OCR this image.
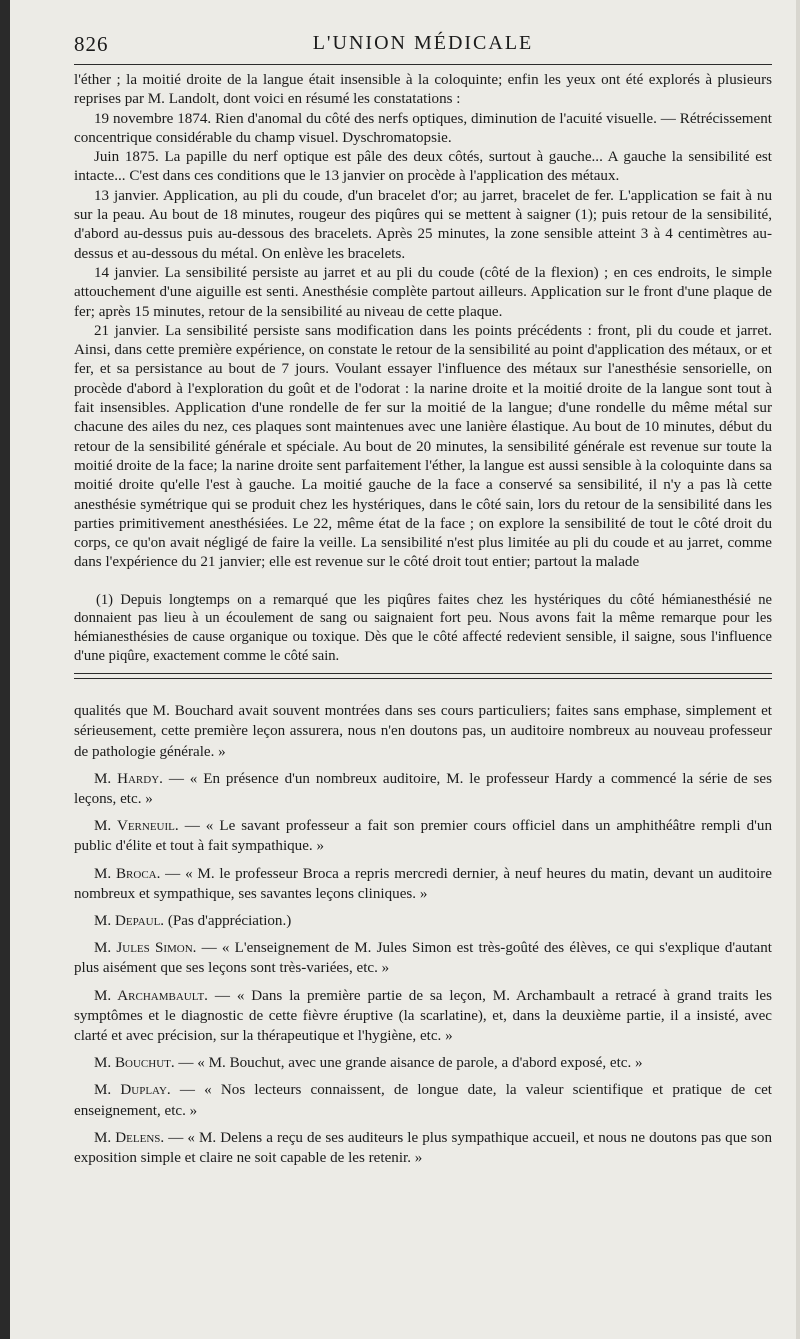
826	L'UNION MÉDICALE

l'éther ; la moitié droite de la langue était insensible à la coloquinte; enfin les yeux ont été explorés à plusieurs reprises par M. Landolt, dont voici en résumé les constatations :

19 novembre 1874. Rien d'anomal du côté des nerfs optiques, diminution de l'acuité visuelle. — Rétrécissement concentrique considérable du champ visuel. Dyschromatopsie.

Juin 1875. La papille du nerf optique est pâle des deux côtés, surtout à gauche... A gauche la sensibilité est intacte... C'est dans ces conditions que le 13 janvier on procède à l'application des métaux.

13 janvier. Application, au pli du coude, d'un bracelet d'or; au jarret, bracelet de fer. L'application se fait à nu sur la peau. Au bout de 18 minutes, rougeur des piqûres qui se mettent à saigner (1); puis retour de la sensibilité, d'abord au-dessus puis au-dessous des bracelets. Après 25 minutes, la zone sensible atteint 3 à 4 centimètres au-dessus et au-dessous du métal. On enlève les bracelets.

14 janvier. La sensibilité persiste au jarret et au pli du coude (côté de la flexion) ; en ces endroits, le simple attouchement d'une aiguille est senti. Anesthésie complète partout ailleurs. Application sur le front d'une plaque de fer; après 15 minutes, retour de la sensibilité au niveau de cette plaque.

21 janvier. La sensibilité persiste sans modification dans les points précédents : front, pli du coude et jarret. Ainsi, dans cette première expérience, on constate le retour de la sensibilité au point d'application des métaux, or et fer, et sa persistance au bout de 7 jours. Voulant essayer l'influence des métaux sur l'anesthésie sensorielle, on procède d'abord à l'exploration du goût et de l'odorat : la narine droite et la moitié droite de la langue sont tout à fait insensibles. Application d'une rondelle de fer sur la moitié de la langue; d'une rondelle du même métal sur chacune des ailes du nez, ces plaques sont maintenues avec une lanière élastique. Au bout de 10 minutes, début du retour de la sensibilité générale et spéciale. Au bout de 20 minutes, la sensibilité générale est revenue sur toute la moitié droite de la face; la narine droite sent parfaitement l'éther, la langue est aussi sensible à la coloquinte dans sa moitié droite qu'elle l'est à gauche. La moitié gauche de la face a conservé sa sensibilité, il n'y a pas là cette anesthésie symétrique qui se produit chez les hystériques, dans le côté sain, lors du retour de la sensibilité dans les parties primitivement anesthésiées. Le 22, même état de la face ; on explore la sensibilité de tout le côté droit du corps, ce qu'on avait négligé de faire la veille. La sensibilité n'est plus limitée au pli du coude et au jarret, comme dans l'expérience du 21 janvier; elle est revenue sur le côté droit tout entier; partout la malade

(1) Depuis longtemps on a remarqué que les piqûres faites chez les hystériques du côté hémianesthésié ne donnaient pas lieu à un écoulement de sang ou saignaient fort peu. Nous avons fait la même remarque pour les hémianesthésies de cause organique ou toxique. Dès que le côté affecté redevient sensible, il saigne, sous l'influence d'une piqûre, exactement comme le côté sain.

qualités que M. Bouchard avait souvent montrées dans ses cours particuliers; faites sans emphase, simplement et sérieusement, cette première leçon assurera, nous n'en doutons pas, un auditoire nombreux au nouveau professeur de pathologie générale. »

M. Hardy. — « En présence d'un nombreux auditoire, M. le professeur Hardy a commencé la série de ses leçons, etc. »

M. Verneuil. — « Le savant professeur a fait son premier cours officiel dans un amphithéâtre rempli d'un public d'élite et tout à fait sympathique. »

M. Broca. — « M. le professeur Broca a repris mercredi dernier, à neuf heures du matin, devant un auditoire nombreux et sympathique, ses savantes leçons cliniques. »

M. Depaul. (Pas d'appréciation.)

M. Jules Simon. — « L'enseignement de M. Jules Simon est très-goûté des élèves, ce qui s'explique d'autant plus aisément que ses leçons sont très-variées, etc. »

M. Archambault. — « Dans la première partie de sa leçon, M. Archambault a retracé à grand traits les symptômes et le diagnostic de cette fièvre éruptive (la scarlatine), et, dans la deuxième partie, il a insisté, avec clarté et avec précision, sur la thérapeutique et l'hygiène, etc. »

M. Bouchut. — « M. Bouchut, avec une grande aisance de parole, a d'abord exposé, etc. »

M. Duplay. — « Nos lecteurs connaissent, de longue date, la valeur scientifique et pratique de cet enseignement, etc. »

M. Delens. — « M. Delens a reçu de ses auditeurs le plus sympathique accueil, et nous ne doutons pas que son exposition simple et claire ne soit capable de les retenir. »
